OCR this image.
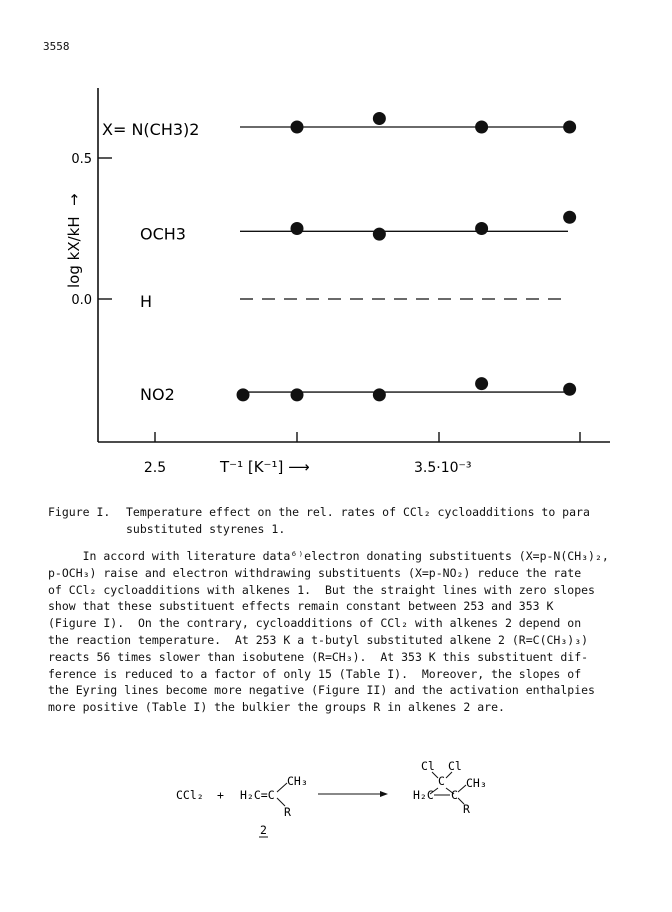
3558
0.5
0.0
2.5	3.5·10⁻³
T⁻¹ [K⁻¹] ⟶
log kX/kH
→
X= N(CH3)2
OCH3
H
NO2
Figure I. Temperature effect on the rel. rates of CCl₂ cycloadditions to para
substituted styrenes 1.

In accord with literature data⁶⁾electron donating substituents (X=p-N(CH₃)₂,

p-OCH₃) raise and electron withdrawing substituents (X=p-NO₂) reduce the rate

of CCl₂ cycloadditions with alkenes 1.  But the straight lines with zero slopes

show that these substituent effects remain constant between 253 and 353 K

(Figure I).  On the contrary, cycloadditions of CCl₂ with alkenes 2 depend on

the reaction temperature.  At 253 K a t-butyl substituted alkene 2 (R=C(CH₃)₃)

reacts 56 times slower than isobutene (R=CH₃).  At 353 K this substituent dif-

ference is reduced to a factor of only 15 (Table I).  Moreover, the slopes of

the Eyring lines become more negative (Figure II) and the activation enthalpies

more positive (Table I) the bulkier the groups R in alkenes 2 are.

CCl₂ + H₂C=C
CH₃
R
2
Cl Cl
C
H₂C C
CH₃
R
